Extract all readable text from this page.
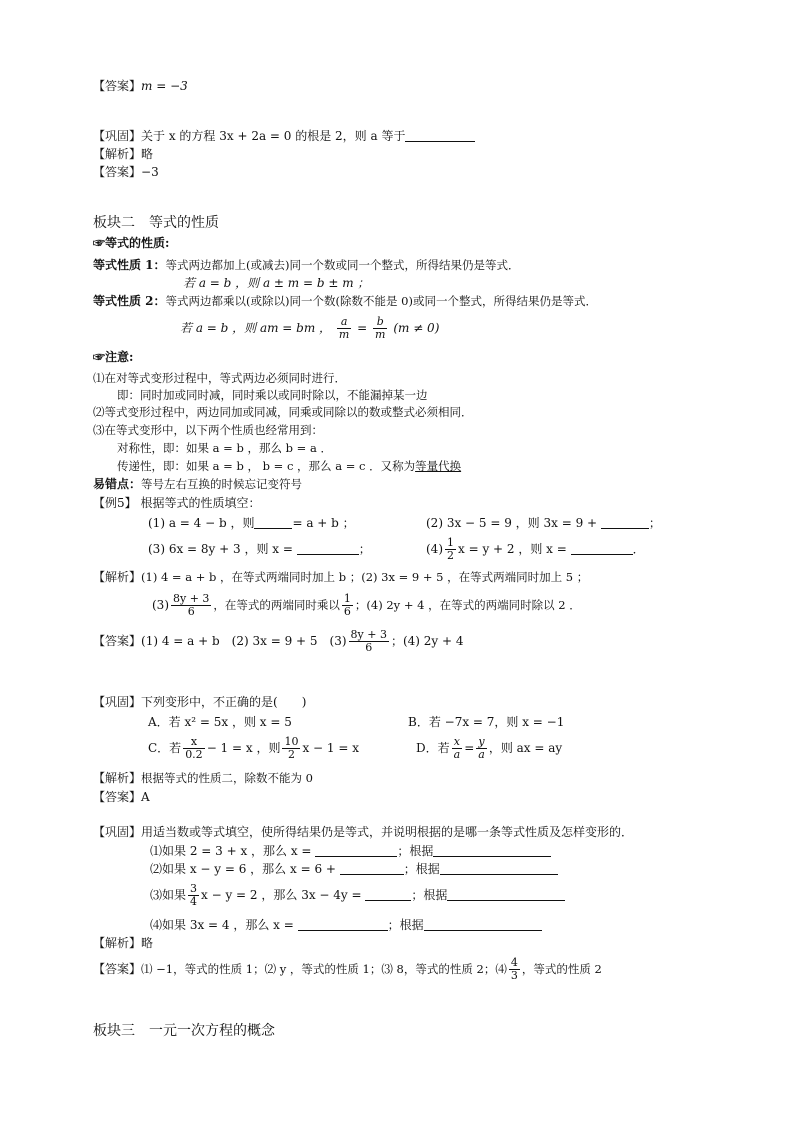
【答案】m = −3
【巩固】关于 x 的方程 3x + 2a = 0 的根是 2，则 a 等于
【解析】略
【答案】−3
板块二　等式的性质
☞等式的性质:
等式性质 1：等式两边都加上(或减去)同一个数或同一个整式，所得结果仍是等式．
若 a = b ，则 a ± m = b ± m ；
等式性质 2：等式两边都乘以(或除以)同一个数(除数不能是 0)或同一个整式，所得结果仍是等式．
若 a = b ，则 am = bm ， $\frac{a}{m} = \frac{b}{m} (m \ne 0)$
☞注意:
⑴在对等式变形过程中，等式两边必须同时进行．
即：同时加或同时减，同时乘以或同时除以，不能漏掉某一边
⑵等式变形过程中，两边同加或同减，同乘或同除以的数或整式必须相同．
⑶在等式变形中，以下两个性质也经常用到：
对称性，即：如果 a = b ，那么 b = a ．
传递性，即：如果 a = b ， b = c ，那么 a = c ．又称为等量代换
易错点：等号左右互换的时候忘记变符号
【例5】 根据等式的性质填空：
(1) a = 4 − b ，则	= a + b ；	(2) 3x − 5 = 9 ，则 3x = 9 +	；
(3) 6x = 8y + 3 ，则 x =	；	$(4) \frac{1}{2}$ x = y + 2 ，则 x =	．
【解析】(1) 4 = a + b ，在等式两端同时加上 b ；(2) 3x = 9 + 5 ，在等式两端同时加上 5 ；
$(3) \frac{8y + 3}{6}$ ，在等式的两端同时乘以 $\frac{1}{6}$ ；(4) 2y + 4 ，在等式的两端同时除以 2 ．
【答案】(1) 4 = a + b　(2) 3x = 9 + 5　$(3) \frac{8y + 3}{6}$ ；(4) 2y + 4
【巩固】下列变形中，不正确的是(　　)
A．若 x² = 5x ，则 x = 5	B．若 −7x = 7，则 x = −1
C．若 $\frac{x}{0.2} - 1 = x$ ，则 $\frac{10}{2}$ x − 1 = x	D．若 $\frac{x}{a} = \frac{y}{a}$ ，则 ax = ay
【解析】根据等式的性质二，除数不能为 0
【答案】A
【巩固】用适当数或等式填空，使所得结果仍是等式，并说明根据的是哪一条等式性质及怎样变形的．
⑴如果 2 = 3 + x ，那么 x =	；根据
⑵如果 x − y = 6 ，那么 x = 6 +	；根据
⑶如果 $\frac{3}{4}$ x − y = 2 ，那么 3x − 4y =	；根据
⑷如果 3x = 4 ，那么 x =	；根据
【解析】略
【答案】⑴ −1，等式的性质 1；⑵ y ，等式的性质 1；⑶ 8，等式的性质 2；⑷ $\frac{4}{3}$ ，等式的性质 2
板块三　一元一次方程的概念
